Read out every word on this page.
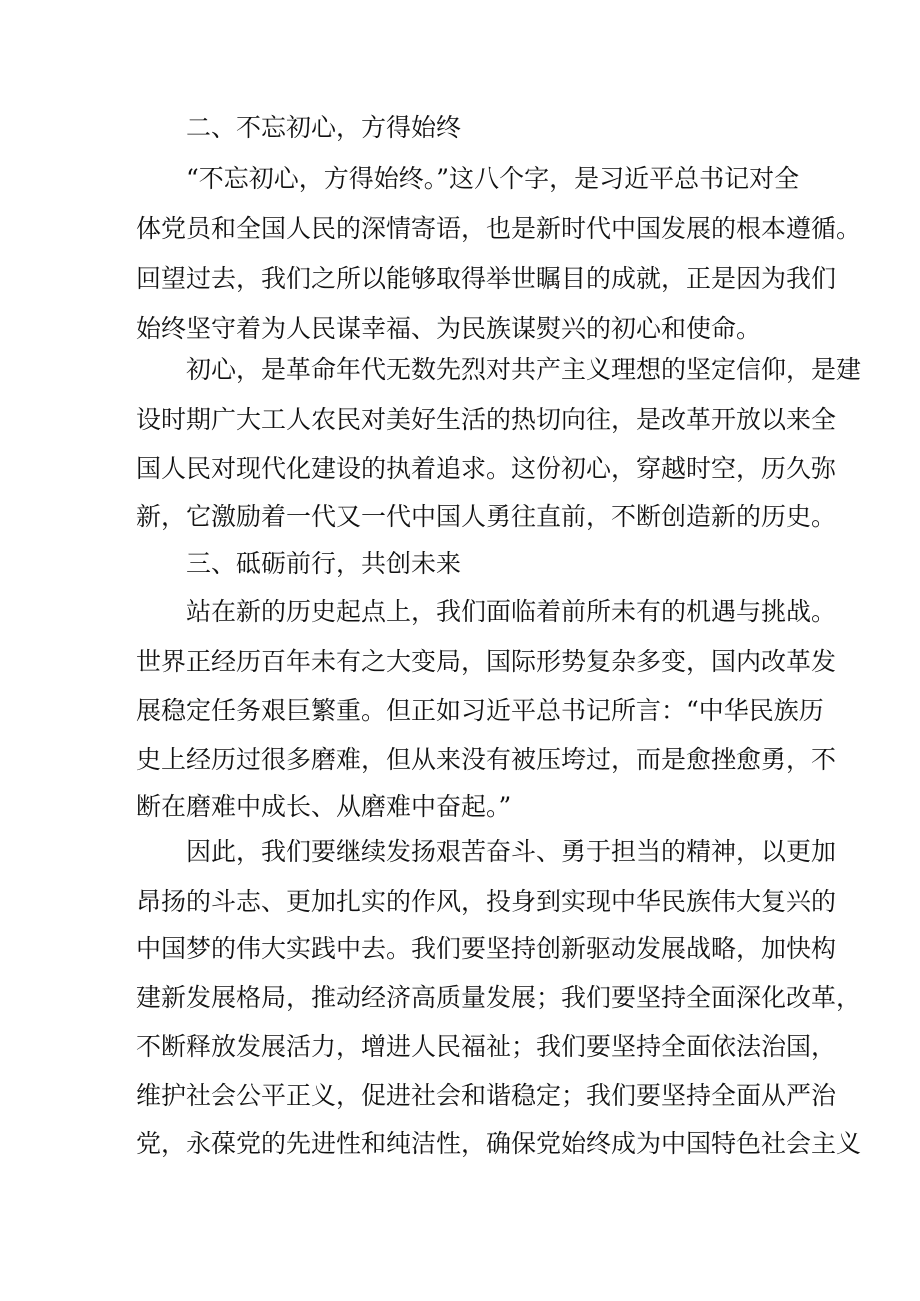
二、不忘初心，方得始终
“不忘初心，方得始终。”这八个字，是习近平总书记对全
体党员和全国人民的深情寄语，也是新时代中国发展的根本遵循。
回望过去，我们之所以能够取得举世瞩目的成就，正是因为我们
始终坚守着为人民谋幸福、为民族谋熨兴的初心和使命。
初心，是革命年代无数先烈对共产主义理想的坚定信仰，是建
设时期广大工人农民对美好生活的热切向往，是改革开放以来全
国人民对现代化建设的执着追求。这份初心，穿越时空，历久弥
新，它激励着一代又一代中国人勇往直前，不断创造新的历史。
三、砥砺前行，共创未来
站在新的历史起点上，我们面临着前所未有的机遇与挑战。
世界正经历百年未有之大变局，国际形势复杂多变，国内改革发
展稳定任务艰巨繁重。但正如习近平总书记所言：“中华民族历
史上经历过很多磨难，但从来没有被压垮过，而是愈挫愈勇，不
断在磨难中成长、从磨难中奋起。”
因此，我们要继续发扬艰苦奋斗、勇于担当的精神，以更加
昂扬的斗志、更加扎实的作风，投身到实现中华民族伟大复兴的
中国梦的伟大实践中去。我们要坚持创新驱动发展战略，加快构
建新发展格局，推动经济高质量发展；我们要坚持全面深化改革，
不断释放发展活力，增进人民福祉；我们要坚持全面依法治国，
维护社会公平正义，促进社会和谐稳定；我们要坚持全面从严治
党，永葆党的先进性和纯洁性，确保党始终成为中国特色社会主义
